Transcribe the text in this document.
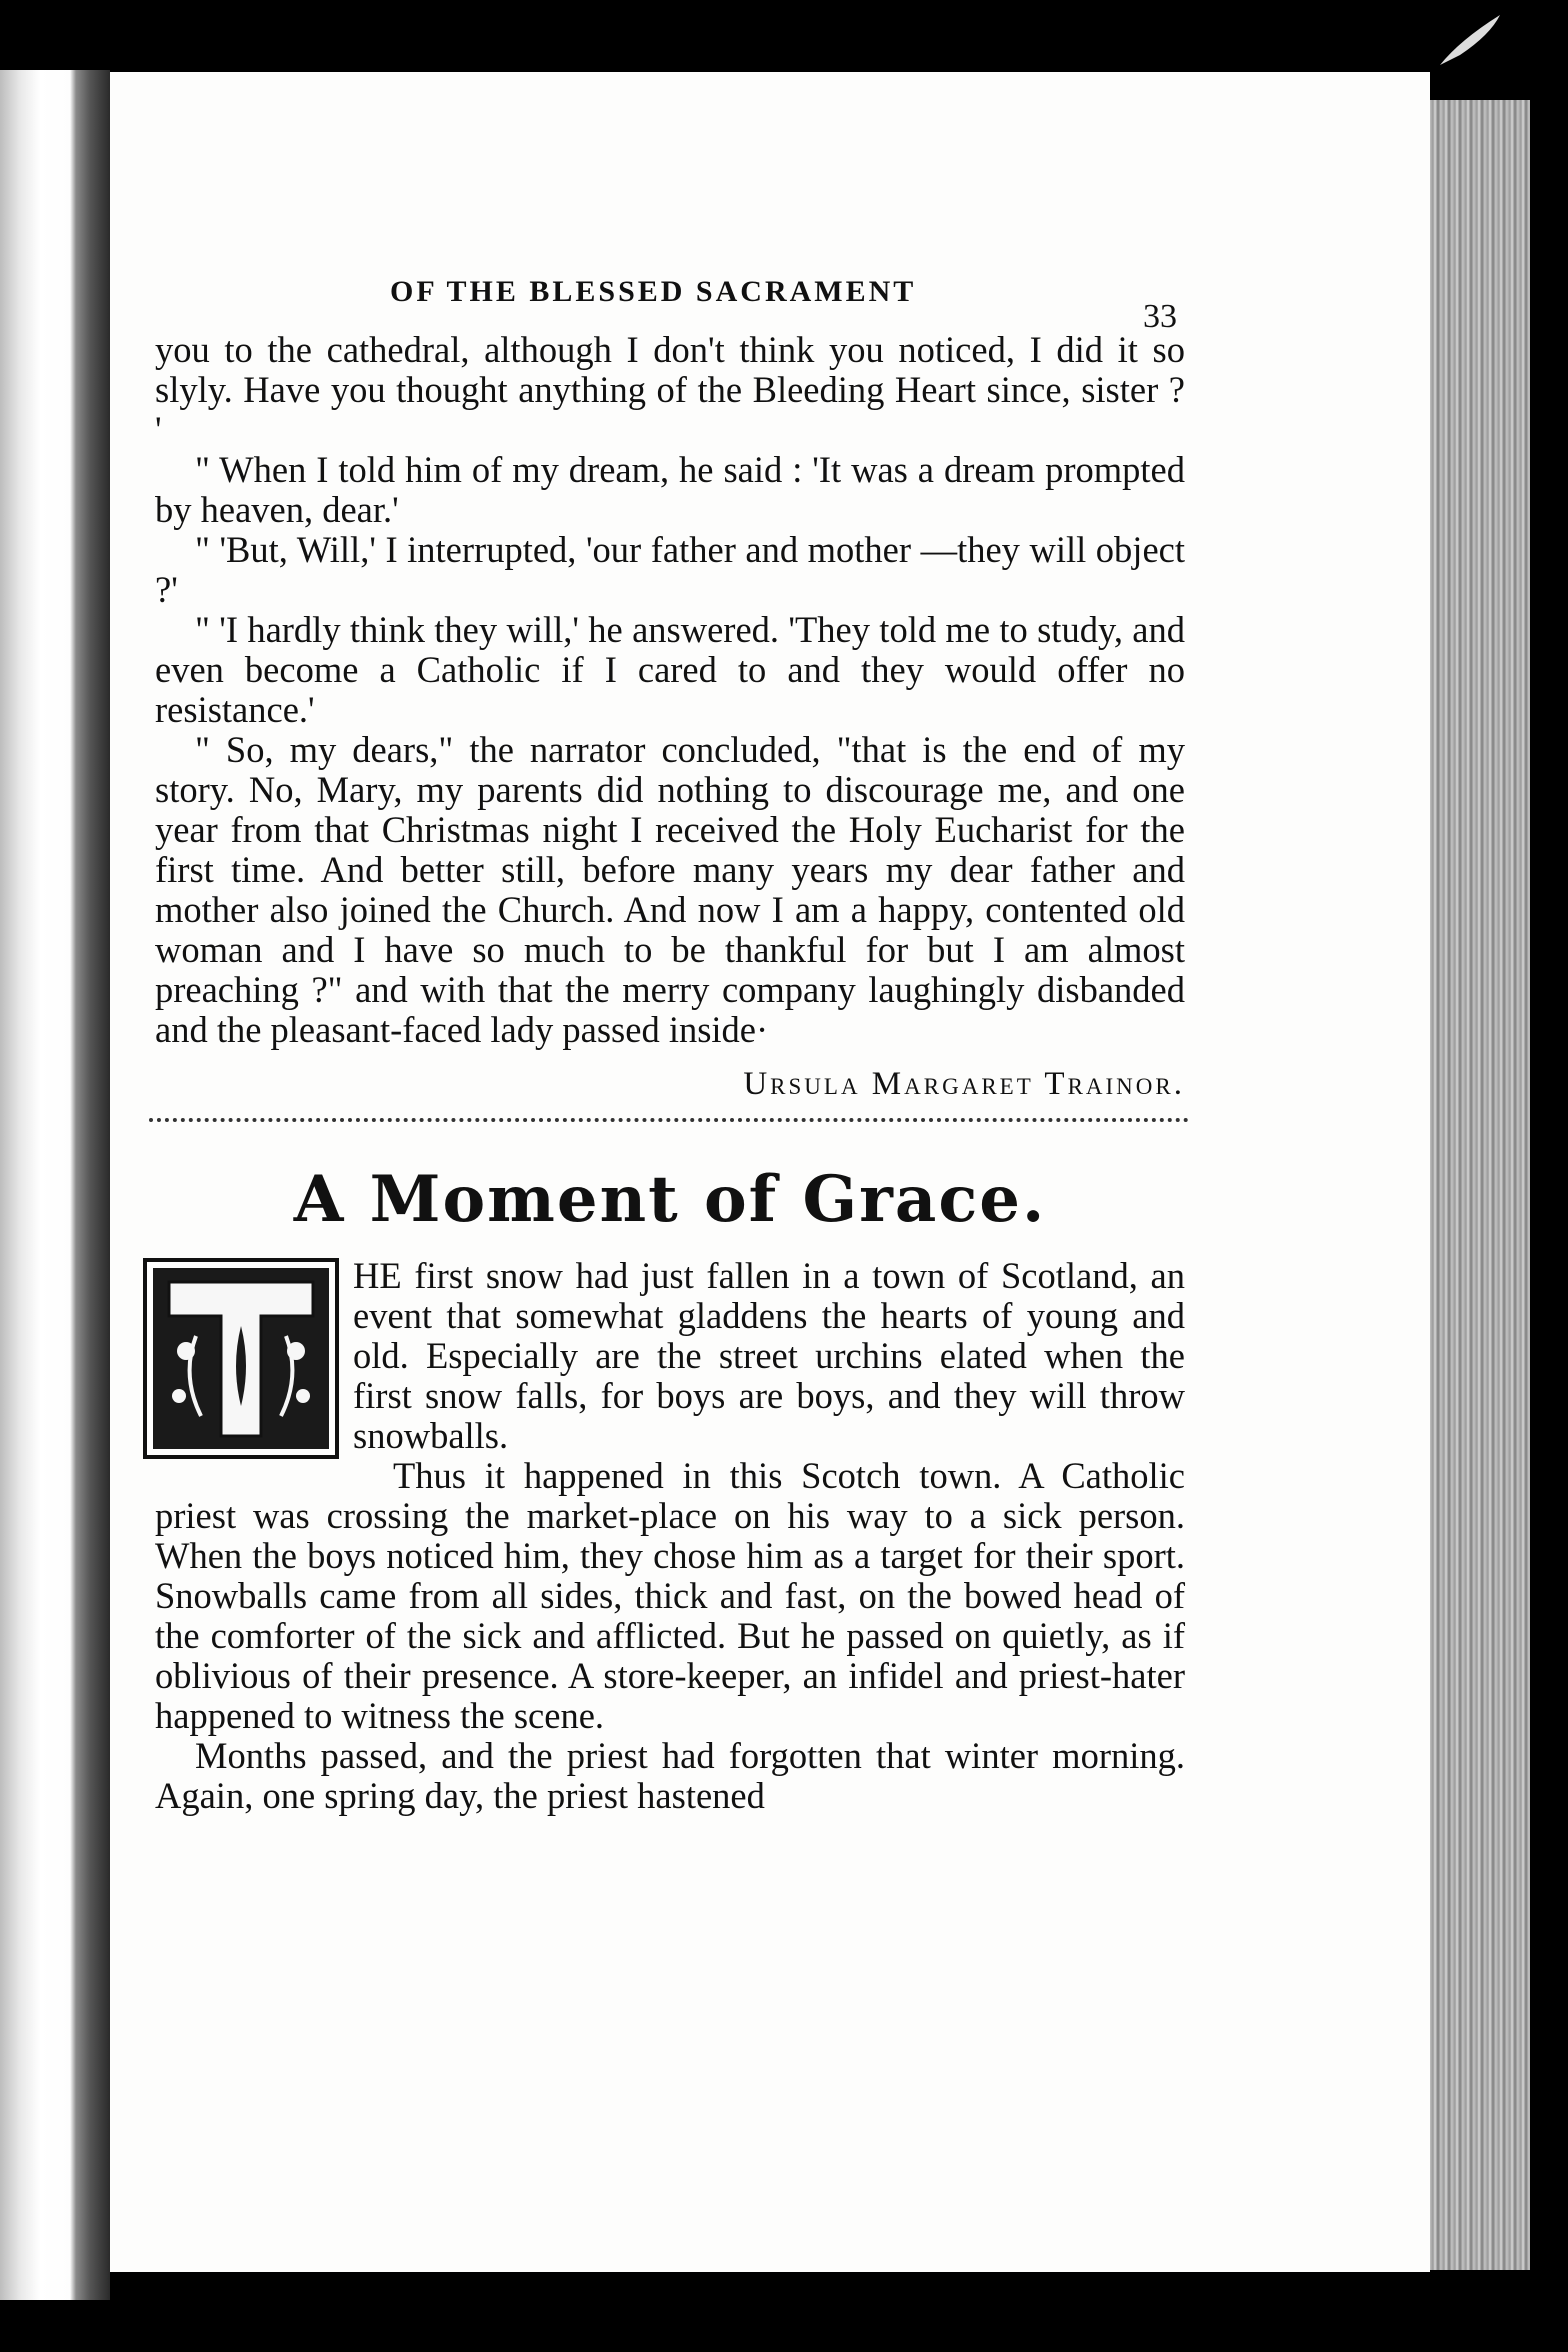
OF THE BLESSED SACRAMENT
33

you to the cathedral, although I don't think you noticed, I did it so slyly. Have you thought anything of the Bleeding Heart since, sister ? '

" When I told him of my dream, he said : 'It was a dream prompted by heaven, dear.'

" 'But, Will,' I interrupted, 'our father and mother —they will object ?'

" 'I hardly think they will,' he answered. 'They told me to study, and even become a Catholic if I cared to and they would offer no resistance.'

" So, my dears," the narrator concluded, "that is the end of my story. No, Mary, my parents did nothing to discourage me, and one year from that Christmas night I received the Holy Eucharist for the first time. And better still, before many years my dear father and mother also joined the Church. And now I am a happy, contented old woman and I have so much to be thankful for but I am almost preaching ?" and with that the merry company laughingly disbanded and the pleasant-faced lady passed inside·

Ursula Margaret Trainor.
A Moment of Grace.

HE first snow had just fallen in a town of Scotland, an event that somewhat gladdens the hearts of young and old. Especially are the street urchins elated when the first snow falls, for boys are boys, and they will throw snowballs.

Thus it happened in this Scotch town. A Catholic priest was crossing the market-place on his way to a sick person. When the boys noticed him, they chose him as a target for their sport. Snowballs came from all sides, thick and fast, on the bowed head of the comforter of the sick and afflicted. But he passed on quietly, as if oblivious of their presence. A store-keeper, an infidel and priest-hater happened to witness the scene.

Months passed, and the priest had forgotten that winter morning. Again, one spring day, the priest hastened
